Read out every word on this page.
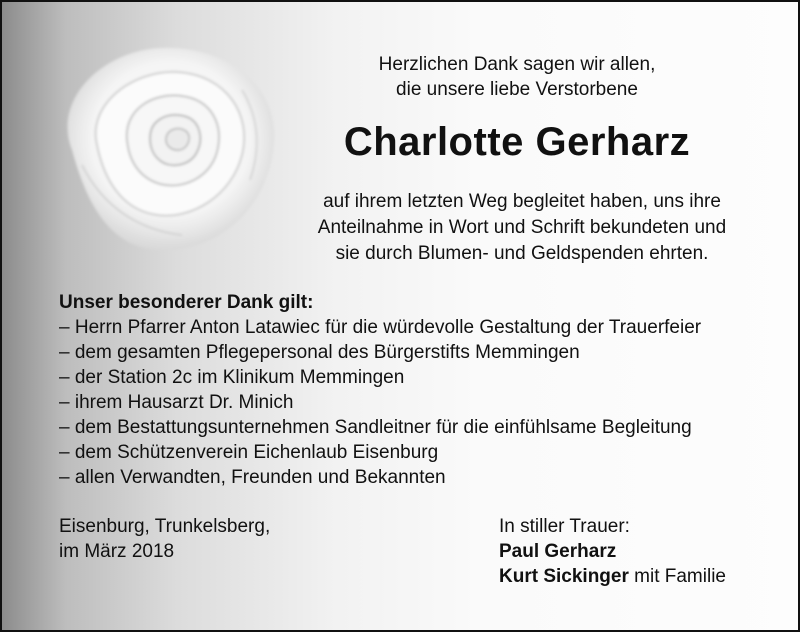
Herzlichen Dank sagen wir allen,
die unsere liebe Verstorbene
Charlotte Gerharz
auf ihrem letzten Weg begleitet haben, uns ihre
Anteilnahme in Wort und Schrift bekundeten und
sie durch Blumen- und Geldspenden ehrten.
Unser besonderer Dank gilt:
– Herrn Pfarrer Anton Latawiec für die würdevolle Gestaltung der Trauerfeier
– dem gesamten Pflegepersonal des Bürgerstifts Memmingen
– der Station 2c im Klinikum Memmingen
– ihrem Hausarzt Dr. Minich
– dem Bestattungsunternehmen Sandleitner für die einfühlsame Begleitung
– dem Schützenverein Eichenlaub Eisenburg
– allen Verwandten, Freunden und Bekannten
Eisenburg, Trunkelsberg,
im März 2018
In stiller Trauer:
Paul Gerharz
Kurt Sickinger mit Familie
